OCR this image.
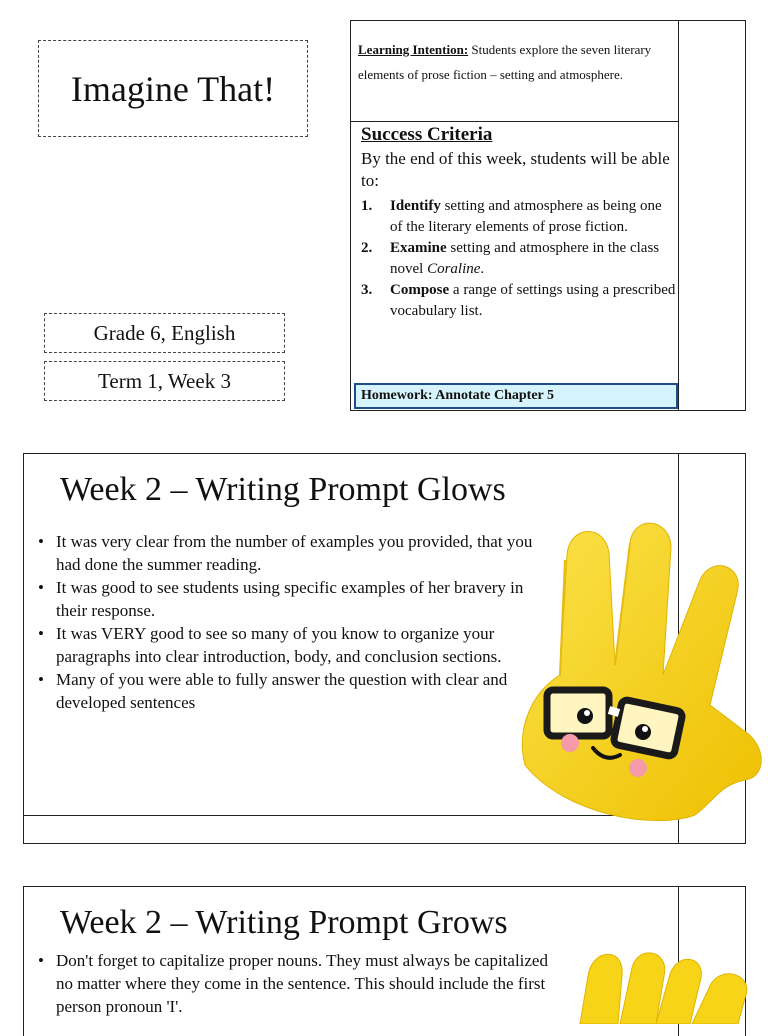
Imagine That!
Grade 6, English
Term 1, Week 3
Learning Intention: Students explore the seven literary elements of prose fiction – setting and atmosphere.
Success Criteria
By the end of this week, students will be able to:
1.	Identify setting and atmosphere as being one of the literary elements of prose fiction.
2.	Examine setting and atmosphere in the class novel Coraline.
3.	Compose a range of settings using a prescribed vocabulary list.
Homework: Annotate Chapter 5
Week 2 – Writing Prompt Glows
• It was very clear from the number of examples you provided, that you had done the summer reading.
• It was good to see students using specific examples of her bravery in their response.
• It was VERY good to see so many of you know to organize your paragraphs into clear introduction, body, and conclusion sections.
• Many of you were able to fully answer the question with clear and developed sentences
Week 2 – Writing Prompt Grows
• Don't forget to capitalize proper nouns. They must always be capitalized no matter where they come in the sentence. This should include the first person pronoun 'I'.
